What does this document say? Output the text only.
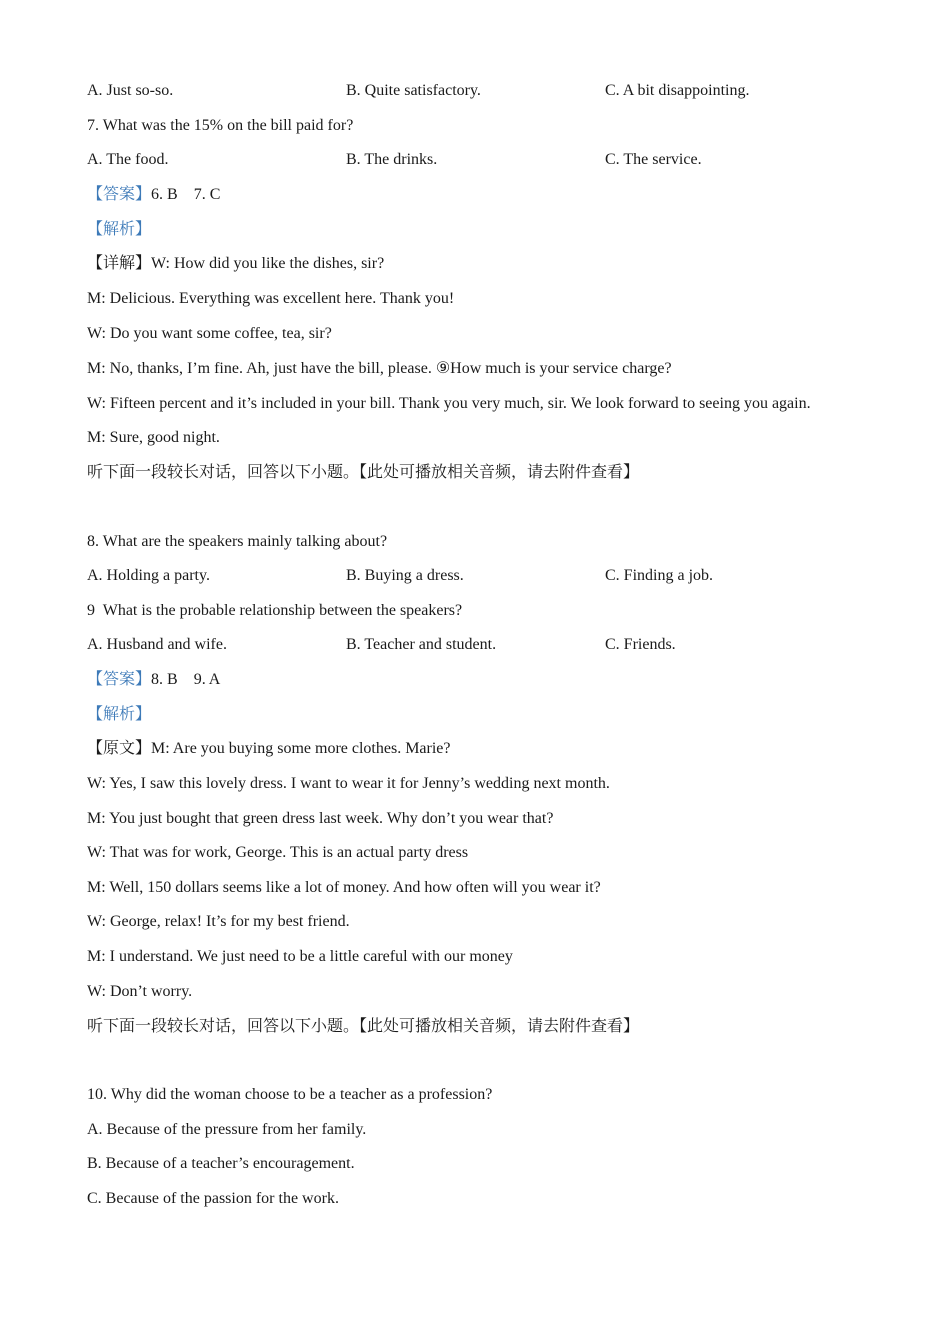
A. Just so-so.	B. Quite satisfactory.	C. A bit disappointing.
7. What was the 15% on the bill paid for?
A. The food.	B. The drinks.	C. The service.
【答案】6. B    7. C
【解析】
【详解】W: How did you like the dishes, sir?
M: Delicious. Everything was excellent here. Thank you!
W: Do you want some coffee, tea, sir?
M: No, thanks, I’m fine. Ah, just have the bill, please. ⑨How much is your service charge?
W: Fifteen percent and it’s included in your bill. Thank you very much, sir. We look forward to seeing you again.
M: Sure, good night.
听下面一段较长对话，回答以下小题。【此处可播放相关音频，请去附件查看】
8. What are the speakers mainly talking about?
A. Holding a party.	B. Buying a dress.	C. Finding a job.
9  What is the probable relationship between the speakers?
A. Husband and wife.	B. Teacher and student.	C. Friends.
【答案】8. B    9. A
【解析】
【原文】M: Are you buying some more clothes. Marie?
W: Yes, I saw this lovely dress. I want to wear it for Jenny’s wedding next month.
M: You just bought that green dress last week. Why don’t you wear that?
W: That was for work, George. This is an actual party dress
M: Well, 150 dollars seems like a lot of money. And how often will you wear it?
W: George, relax! It’s for my best friend.
M: I understand. We just need to be a little careful with our money
W: Don’t worry.
听下面一段较长对话，回答以下小题。【此处可播放相关音频，请去附件查看】
10. Why did the woman choose to be a teacher as a profession?
A. Because of the pressure from her family.
B. Because of a teacher’s encouragement.
C. Because of the passion for the work.
